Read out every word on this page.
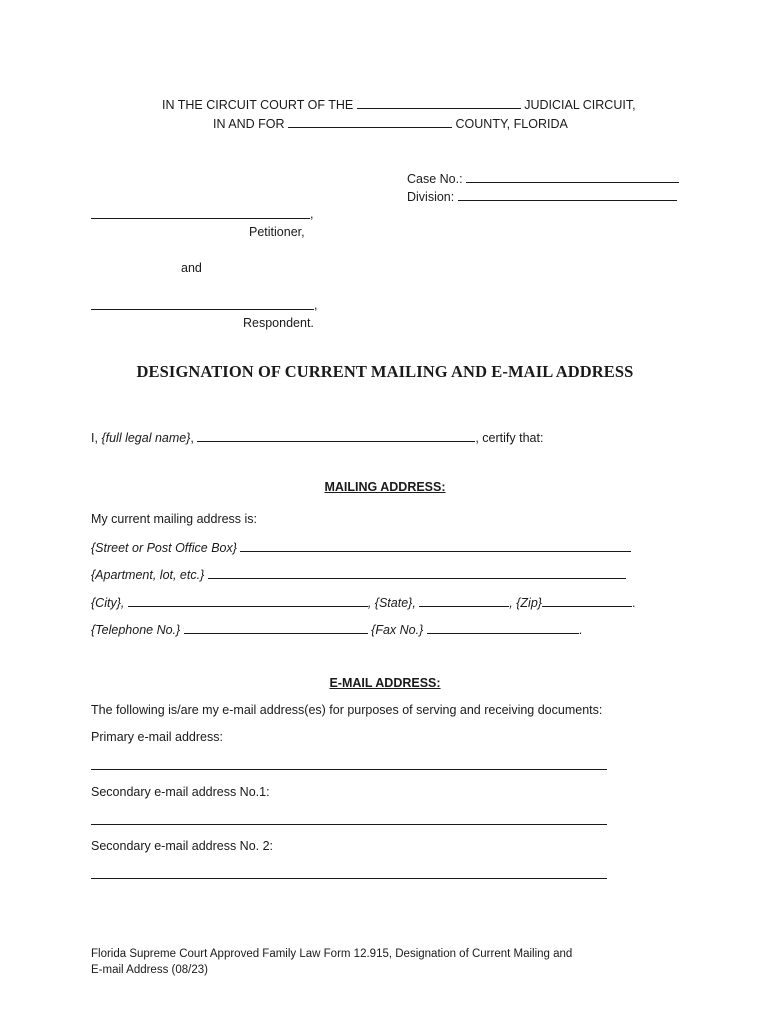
IN THE CIRCUIT COURT OF THE	JUDICIAL CIRCUIT,
IN AND FOR	COUNTY, FLORIDA
Case No.:
Division:
,
Petitioner,
and
,
Respondent.
DESIGNATION OF CURRENT MAILING AND E-MAIL ADDRESS
I, {full legal name},	, certify that:
MAILING ADDRESS:
My current mailing address is:
{Street or Post Office Box}
{Apartment, lot, etc.}
{City},	, {State},	, {Zip}	.
{Telephone No.}	{Fax No.}	.
E-MAIL ADDRESS:
The following is/are my e-mail address(es) for purposes of serving and receiving documents:
Primary e-mail address:
Secondary e-mail address No.1:
Secondary e-mail address No. 2:
Florida Supreme Court Approved Family Law Form 12.915, Designation of Current Mailing and
E-mail Address (08/23)
